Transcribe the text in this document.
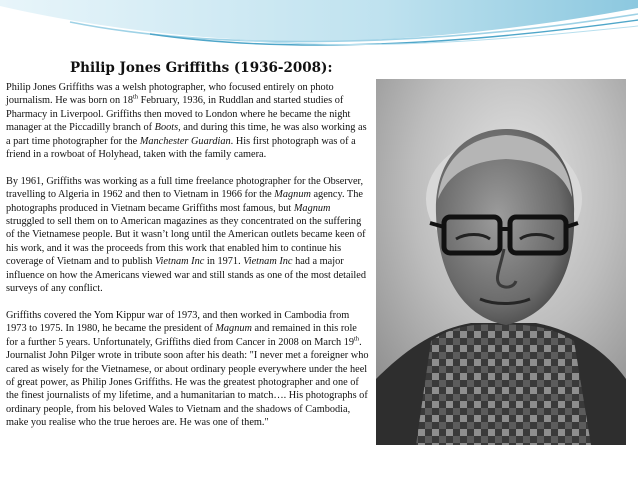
Philip Jones Griffiths (1936-2008):

Philip Jones Griffiths was a welsh photographer, who focused entirely on photo journalism. He was born on 18th February, 1936, in Ruddlan and started studies of Pharmacy in Liverpool. Griffiths then moved to London where he became the night manager at the Piccadilly branch of Boots, and during this time, he was also working as a part time photographer for the Manchester Guardian. His first photograph was of a friend in a rowboat of Holyhead, taken with the family camera.

By 1961, Griffiths was working as a full time freelance photographer for the Observer, travelling to Algeria in 1962 and then to Vietnam in 1966 for the Magnum agency. The photographs produced in Vietnam became Griffiths most famous, but Magnum struggled to sell them on to American magazines as they concentrated on the suffering of the Vietnamese people. But it wasn’t long until the American outlets became keen of his work, and it was the proceeds from this work that enabled him to continue his coverage of Vietnam and to publish Vietnam Inc in 1971. Vietnam Inc had a major influence on how the Americans viewed war and still stands as one of the most detailed surveys of any conflict.

Griffiths covered the Yom Kippur war of 1973, and then worked in Cambodia from 1973 to 1975. In 1980, he became the president of Magnum and remained in this role for a further 5 years. Unfortunately, Griffiths died from Cancer in 2008 on March 19th. Journalist John Pilger wrote in tribute soon after his death: "I never met a foreigner who cared as wisely for the Vietnamese, or about ordinary people everywhere under the heel of great power, as Philip Jones Griffiths. He was the greatest photographer and one of the finest journalists of my lifetime, and a humanitarian to match…. His photographs of ordinary people, from his beloved Wales to Vietnam and the shadows of Cambodia, make you realise who the true heroes are. He was one of them."
